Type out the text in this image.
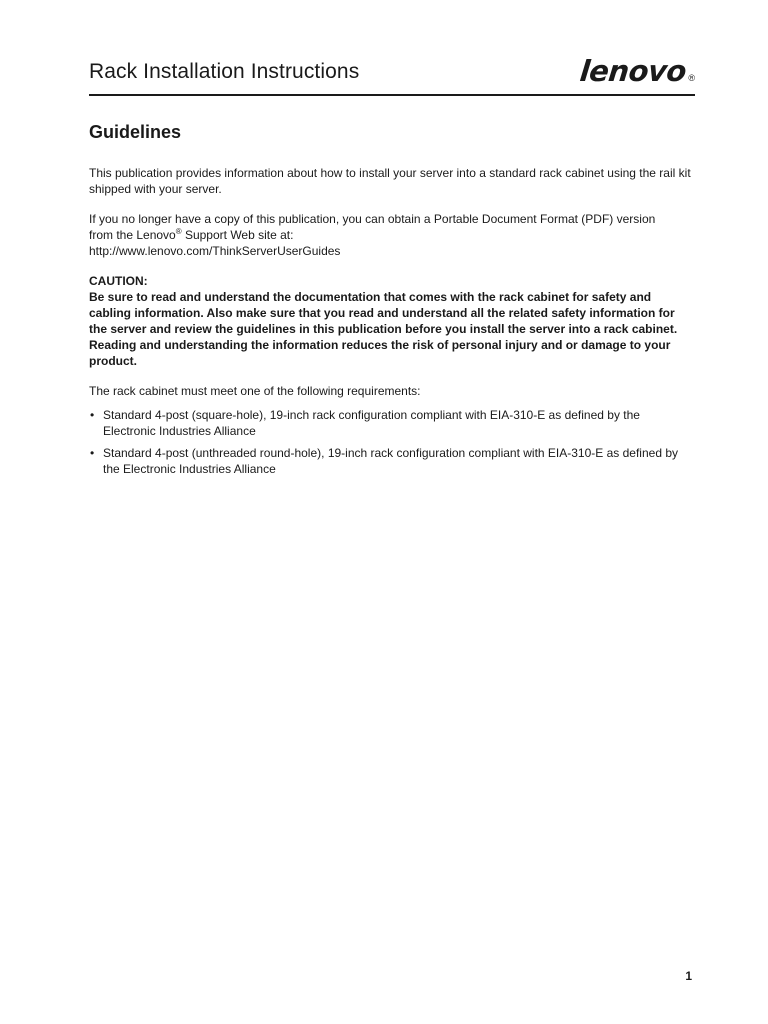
Rack Installation Instructions	lenovo ®
Guidelines

This publication provides information about how to install your server into a standard rack cabinet using the rail kit shipped with your server.

If you no longer have a copy of this publication, you can obtain a Portable Document Format (PDF) version
from the Lenovo® Support Web site at:
http://www.lenovo.com/ThinkServerUserGuides

CAUTION:
Be sure to read and understand the documentation that comes with the rack cabinet for safety and cabling information. Also make sure that you read and understand all the related safety information for the server and review the guidelines in this publication before you install the server into a rack cabinet. Reading and understanding the information reduces the risk of personal injury and or damage to your product.

The rack cabinet must meet one of the following requirements:

• Standard 4-post (square-hole), 19-inch rack configuration compliant with EIA-310-E as defined by the Electronic Industries Alliance
• Standard 4-post (unthreaded round-hole), 19-inch rack configuration compliant with EIA-310-E as defined by the Electronic Industries Alliance
1
